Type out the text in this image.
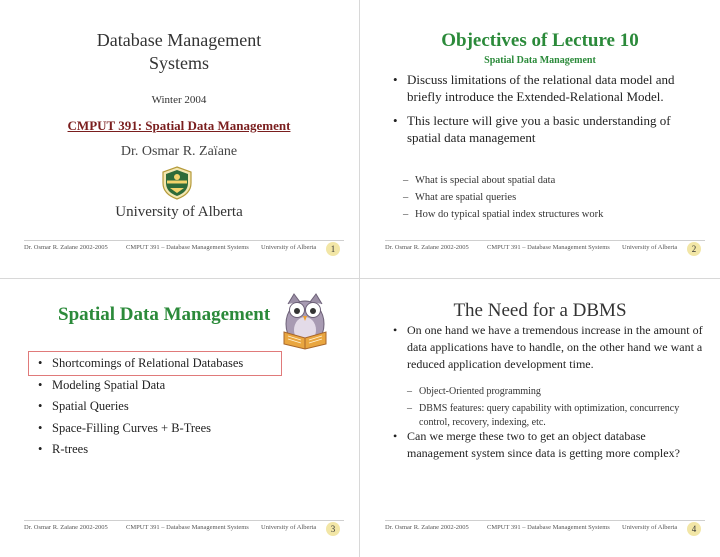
Database Management
Systems
Winter 2004
CMPUT 391: Spatial Data Management
Dr. Osmar R. Zaïane
University of Alberta
Dr. Osmar R. Zaïane 2002-2005	CMPUT 391 – Database Management Systems University of Alberta	1
Objectives of Lecture 10
Spatial Data Management
• Discuss limitations of the relational data model and briefly introduce the Extended-Relational Model.
• This lecture will give you a basic understanding of spatial data management
– What is special about spatial data
– What are spatial queries
– How do typical spatial index structures work
Dr. Osmar R. Zaïane 2002-2005	CMPUT 391 – Database Management Systems University of Alberta	2
Spatial Data Management
• Shortcomings of Relational Databases
• Modeling Spatial Data
• Spatial Queries
• Space-Filling Curves + B-Trees
• R-trees
Dr. Osmar R. Zaïane 2002-2005	CMPUT 391 – Database Management Systems University of Alberta	3
The Need for a DBMS
• On one hand we have a tremendous increase in the amount of data applications have to handle, on the other hand we want a reduced application development time.
– Object-Oriented programming
– DBMS features: query capability with optimization, concurrency control, recovery, indexing, etc.
• Can we merge these two to get an object database management system since data is getting more complex?
Dr. Osmar R. Zaïane 2002-2005	CMPUT 391 – Database Management Systems University of Alberta	4
